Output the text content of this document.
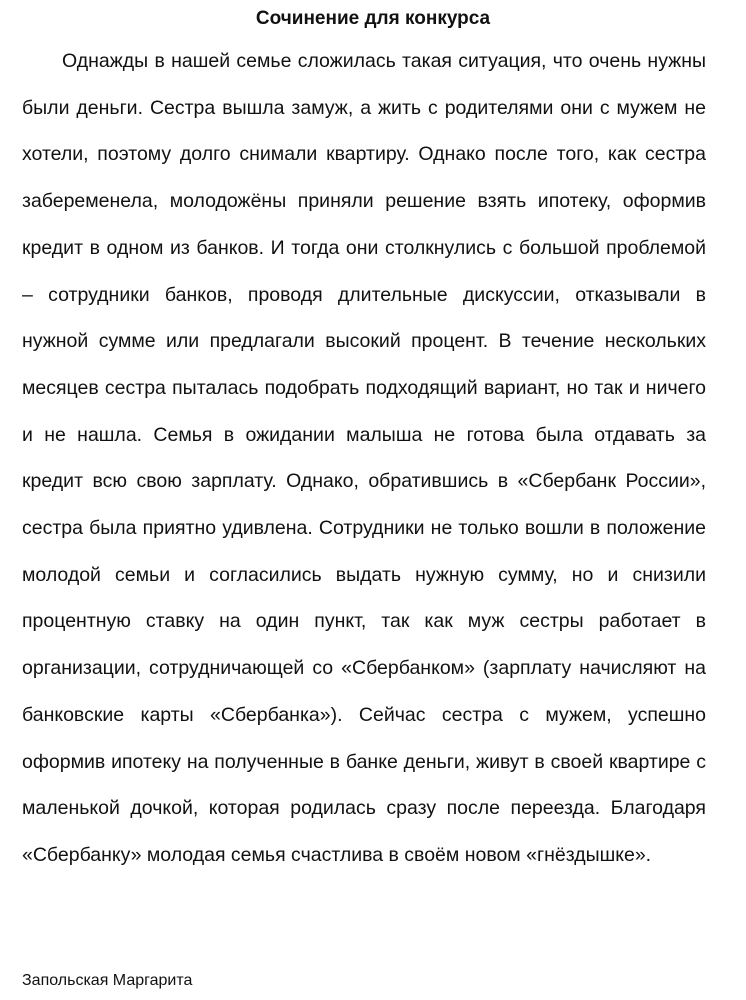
Сочинение для конкурса

Однажды в нашей семье сложилась такая ситуация, что очень нужны были деньги. Сестра вышла замуж, а жить с родителями они с мужем не хотели, поэтому долго снимали квартиру. Однако после того, как сестра забеременела, молодожёны приняли решение взять ипотеку, оформив кредит в одном из банков. И тогда они столкнулись с большой проблемой – сотрудники банков, проводя длительные дискуссии, отказывали в нужной сумме или предлагали высокий процент. В течение нескольких месяцев сестра пыталась подобрать подходящий вариант, но так и ничего и не нашла. Семья в ожидании малыша не готова была отдавать за кредит всю свою зарплату. Однако, обратившись в «Сбербанк России», сестра была приятно удивлена. Сотрудники не только вошли в положение молодой семьи и согласились выдать нужную сумму, но и снизили процентную ставку на один пункт, так как муж сестры работает в организации, сотрудничающей со «Сбербанком» (зарплату начисляют на банковские карты «Сбербанка»). Сейчас сестра с мужем, успешно оформив ипотеку на полученные в банке деньги, живут в своей квартире с маленькой дочкой, которая родилась сразу после переезда. Благодаря «Сбербанку» молодая семья счастлива в своём новом «гнёздышке».

Запольская Маргарита
